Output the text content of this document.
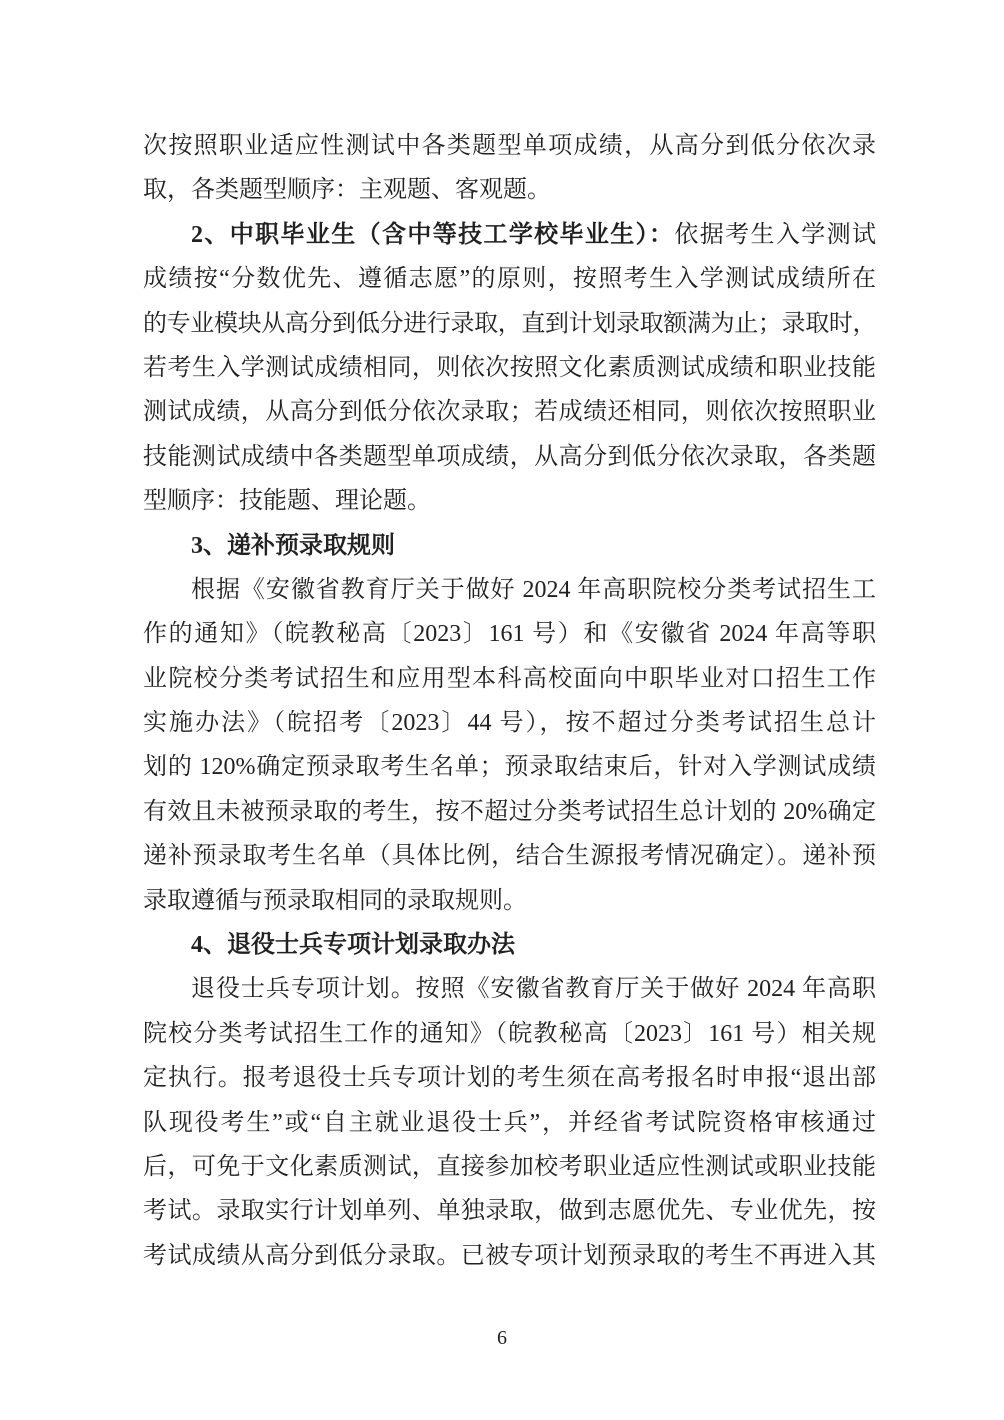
次按照职业适应性测试中各类题型单项成绩，从高分到低分依次录
取，各类题型顺序：主观题、客观题。
2、中职毕业生（含中等技工学校毕业生）：依据考生入学测试
成绩按“分数优先、遵循志愿”的原则，按照考生入学测试成绩所在
的专业模块从高分到低分进行录取，直到计划录取额满为止；录取时，
若考生入学测试成绩相同，则依次按照文化素质测试成绩和职业技能
测试成绩，从高分到低分依次录取；若成绩还相同，则依次按照职业
技能测试成绩中各类题型单项成绩，从高分到低分依次录取，各类题
型顺序：技能题、理论题。
3、递补预录取规则
根据《安徽省教育厅关于做好 2024 年高职院校分类考试招生工
作的通知》（皖教秘高〔2023〕161 号）和《安徽省 2024 年高等职
业院校分类考试招生和应用型本科高校面向中职毕业对口招生工作
实施办法》（皖招考〔2023〕44 号），按不超过分类考试招生总计
划的 120%确定预录取考生名单；预录取结束后，针对入学测试成绩
有效且未被预录取的考生，按不超过分类考试招生总计划的 20%确定
递补预录取考生名单（具体比例，结合生源报考情况确定）。递补预
录取遵循与预录取相同的录取规则。
4、退役士兵专项计划录取办法
退役士兵专项计划。按照《安徽省教育厅关于做好 2024 年高职
院校分类考试招生工作的通知》（皖教秘高〔2023〕161 号）相关规
定执行。报考退役士兵专项计划的考生须在高考报名时申报“退出部
队现役考生”或“自主就业退役士兵”，并经省考试院资格审核通过
后，可免于文化素质测试，直接参加校考职业适应性测试或职业技能
考试。录取实行计划单列、单独录取，做到志愿优先、专业优先，按
考试成绩从高分到低分录取。已被专项计划预录取的考生不再进入其
6
